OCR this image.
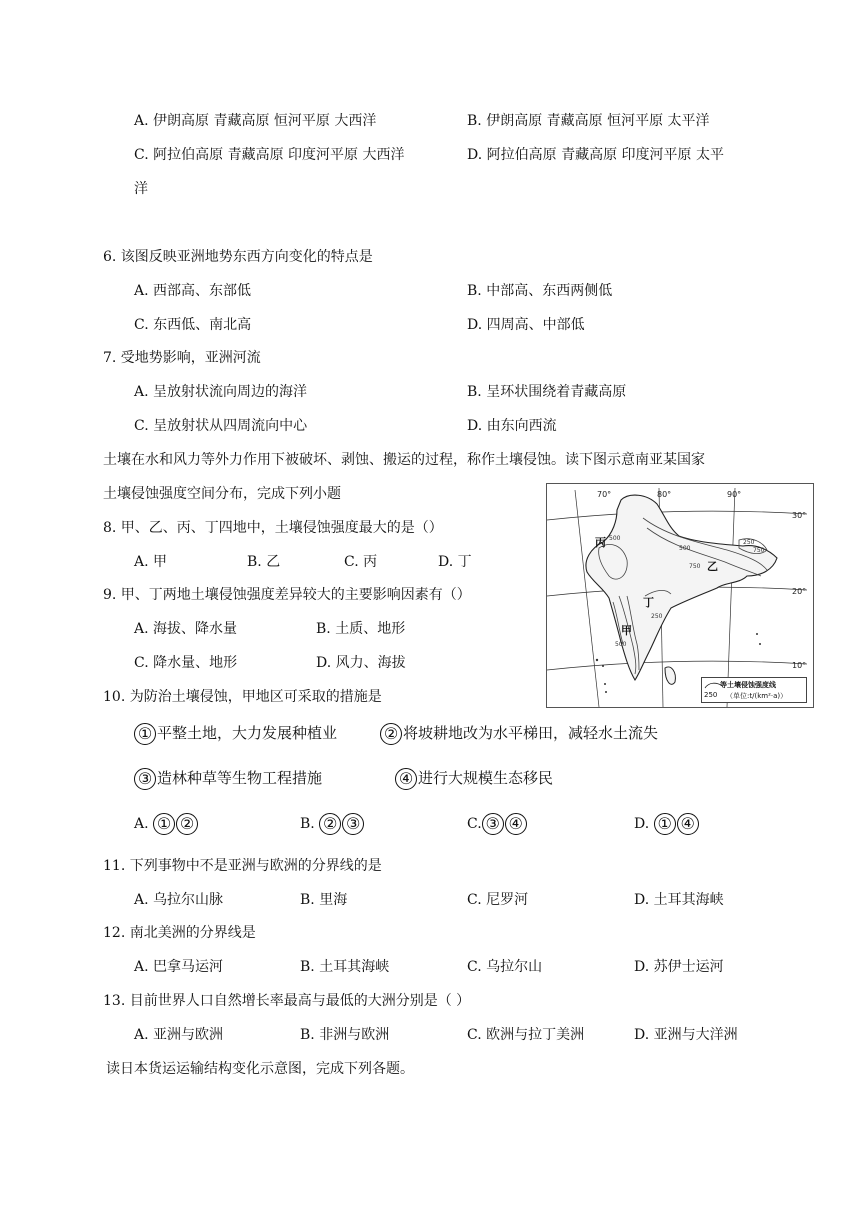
A. 伊朗高原 青藏高原 恒河平原 大西洋	B. 伊朗高原 青藏高原 恒河平原 太平洋
C. 阿拉伯高原 青藏高原 印度河平原 大西洋	D. 阿拉伯高原 青藏高原 印度河平原 太平
洋
6. 该图反映亚洲地势东西方向变化的特点是
A. 西部高、东部低	B. 中部高、东西两侧低
C. 东西低、南北高	D. 四周高、中部低
7. 受地势影响，亚洲河流
A. 呈放射状流向周边的海洋	B. 呈环状围绕着青藏高原
C. 呈放射状从四周流向中心	D. 由东向西流
土壤在水和风力等外力作用下被破坏、剥蚀、搬运的过程，称作土壤侵蚀。读下图示意南亚某国家
土壤侵蚀强度空间分布，完成下列小题
8. 甲、乙、丙、丁四地中，土壤侵蚀强度最大的是（）
A. 甲	B. 乙	C. 丙	D. 丁
9. 甲、丁两地土壤侵蚀强度差异较大的主要影响因素有（）
A. 海拔、降水量	B. 土质、地形
C. 降水量、地形	D. 风力、海拔
70°	80°	90°
30°
20°
10°
丙
乙
丁
甲
500
500
750
250
750
250
500
等土壤侵蚀强度线
250 （单位:t/(km²·a)）
10. 为防治土壤侵蚀，甲地区可采取的措施是
① 平整土地，大力发展种植业	② 将坡耕地改为水平梯田，减轻水土流失
③ 造林种草等生物工程措施	④ 进行大规模生态移民
A. ① ②	B. ② ③	C. ③ ④	D. ① ④
11. 下列事物中不是亚洲与欧洲的分界线的是
A. 乌拉尔山脉	B. 里海	C. 尼罗河	D. 土耳其海峡
12. 南北美洲的分界线是
A. 巴拿马运河	B. 土耳其海峡	C. 乌拉尔山	D. 苏伊士运河
13. 目前世界人口自然增长率最高与最低的大洲分别是（ ）
A. 亚洲与欧洲	B. 非洲与欧洲	C. 欧洲与拉丁美洲	D. 亚洲与大洋洲
读日本货运运输结构变化示意图，完成下列各题。
